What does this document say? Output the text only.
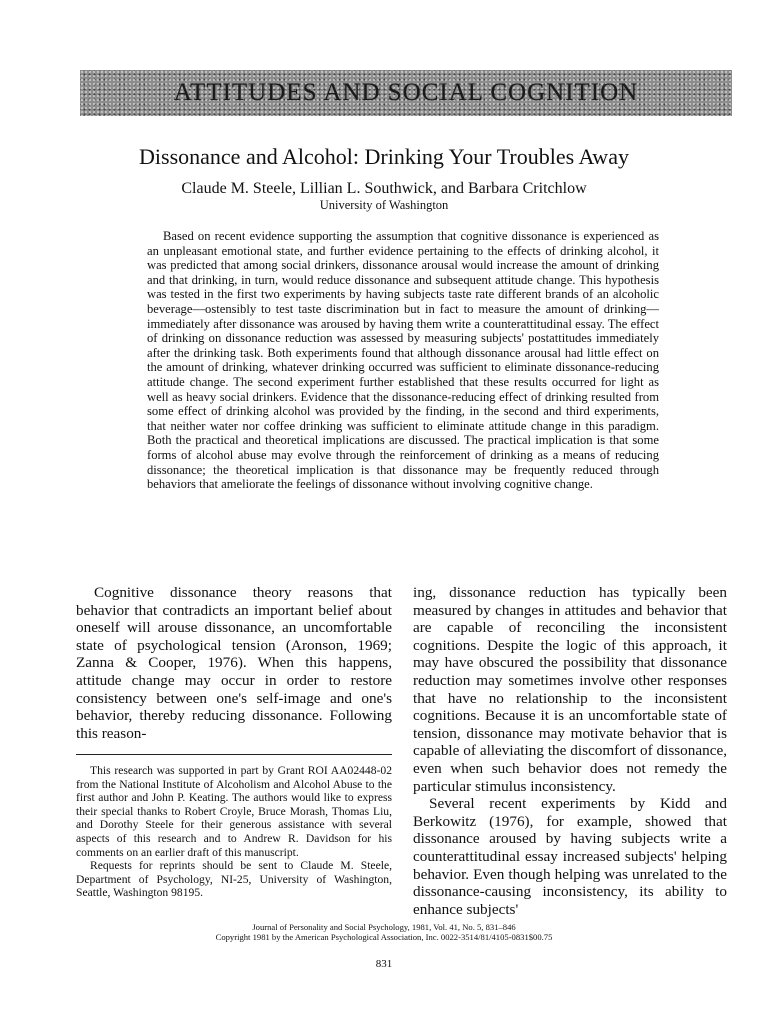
ATTITUDES AND SOCIAL COGNITION
Dissonance and Alcohol: Drinking Your Troubles Away
Claude M. Steele, Lillian L. Southwick, and Barbara Critchlow
University of Washington

Based on recent evidence supporting the assumption that cognitive dissonance is experienced as an unpleasant emotional state, and further evidence pertaining to the effects of drinking alcohol, it was predicted that among social drinkers, dissonance arousal would increase the amount of drinking and that drinking, in turn, would reduce dissonance and subsequent attitude change. This hypothesis was tested in the first two experiments by having subjects taste rate different brands of an alcoholic beverage—ostensibly to test taste discrimination but in fact to measure the amount of drinking—immediately after dissonance was aroused by having them write a counterattitudinal essay. The effect of drinking on dissonance reduction was assessed by measuring subjects' postattitudes immediately after the drinking task. Both experiments found that although dissonance arousal had little effect on the amount of drinking, whatever drinking occurred was sufficient to eliminate dissonance-reducing attitude change. The second experiment further established that these results occurred for light as well as heavy social drinkers. Evidence that the dissonance-reducing effect of drinking resulted from some effect of drinking alcohol was provided by the finding, in the second and third experiments, that neither water nor coffee drinking was sufficient to eliminate attitude change in this paradigm. Both the practical and theoretical implications are discussed. The practical implication is that some forms of alcohol abuse may evolve through the reinforcement of drinking as a means of reducing dissonance; the theoretical implication is that dissonance may be frequently reduced through behaviors that ameliorate the feelings of dissonance without involving cognitive change.

Cognitive dissonance theory reasons that behavior that contradicts an important belief about oneself will arouse dissonance, an uncomfortable state of psychological tension (Aronson, 1969; Zanna & Cooper, 1976). When this happens, attitude change may occur in order to restore consistency between one's self-image and one's behavior, thereby reducing dissonance. Following this reason-

This research was supported in part by Grant ROI AA02448-02 from the National Institute of Alcoholism and Alcohol Abuse to the first author and John P. Keating. The authors would like to express their special thanks to Robert Croyle, Bruce Morash, Thomas Liu, and Dorothy Steele for their generous assistance with several aspects of this research and to Andrew R. Davidson for his comments on an earlier draft of this manuscript.

Requests for reprints should be sent to Claude M. Steele, Department of Psychology, NI-25, University of Washington, Seattle, Washington 98195.

ing, dissonance reduction has typically been measured by changes in attitudes and behavior that are capable of reconciling the inconsistent cognitions. Despite the logic of this approach, it may have obscured the possibility that dissonance reduction may sometimes involve other responses that have no relationship to the inconsistent cognitions. Because it is an uncomfortable state of tension, dissonance may motivate behavior that is capable of alleviating the discomfort of dissonance, even when such behavior does not remedy the particular stimulus inconsistency.

Several recent experiments by Kidd and Berkowitz (1976), for example, showed that dissonance aroused by having subjects write a counterattitudinal essay increased subjects' helping behavior. Even though helping was unrelated to the dissonance-causing inconsistency, its ability to enhance subjects'

Journal of Personality and Social Psychology, 1981, Vol. 41, No. 5, 831–846
Copyright 1981 by the American Psychological Association, Inc. 0022-3514/81/4105-0831$00.75
831
